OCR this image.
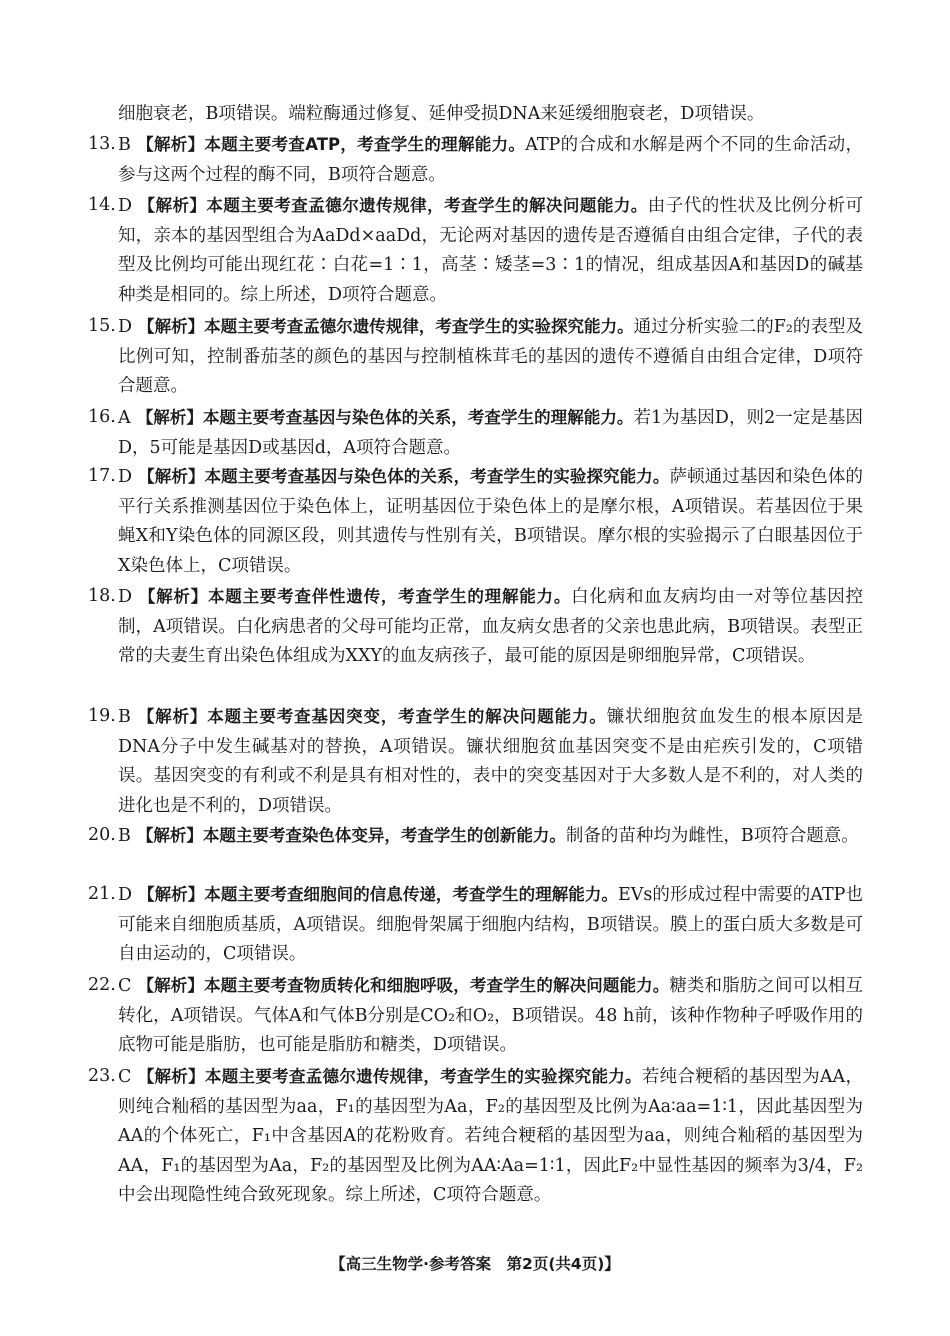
细胞衰老，B项错误。端粒酶通过修复、延伸受损DNA来延缓细胞衰老，D项错误。
13. B 【解析】本题主要考查ATP，考查学生的理解能力。ATP的合成和水解是两个不同的生命活动，参与这两个过程的酶不同，B项符合题意。
14. D 【解析】本题主要考查孟德尔遗传规律，考查学生的解决问题能力。由子代的性状及比例分析可知，亲本的基因型组合为AaDd×aaDd，无论两对基因的遗传是否遵循自由组合定律，子代的表型及比例均可能出现红花∶白花=1∶1，高茎∶矮茎=3∶1的情况，组成基因A和基因D的碱基种类是相同的。综上所述，D项符合题意。
15. D 【解析】本题主要考查孟德尔遗传规律，考查学生的实验探究能力。通过分析实验二的F₂的表型及比例可知，控制番茄茎的颜色的基因与控制植株茸毛的基因的遗传不遵循自由组合定律，D项符合题意。
16. A 【解析】本题主要考查基因与染色体的关系，考查学生的理解能力。若1为基因D，则2一定是基因D，5可能是基因D或基因d，A项符合题意。
17. D 【解析】本题主要考查基因与染色体的关系，考查学生的实验探究能力。萨顿通过基因和染色体的平行关系推测基因位于染色体上，证明基因位于染色体上的是摩尔根，A项错误。若基因位于果蝇X和Y染色体的同源区段，则其遗传与性别有关，B项错误。摩尔根的实验揭示了白眼基因位于X染色体上，C项错误。
18. D 【解析】本题主要考查伴性遗传，考查学生的理解能力。白化病和血友病均由一对等位基因控制，A项错误。白化病患者的父母可能均正常，血友病女患者的父亲也患此病，B项错误。表型正常的夫妻生育出染色体组成为XXY的血友病孩子，最可能的原因是卵细胞异常，C项错误。
19. B 【解析】本题主要考查基因突变，考查学生的解决问题能力。镰状细胞贫血发生的根本原因是DNA分子中发生碱基对的替换，A项错误。镰状细胞贫血基因突变不是由疟疾引发的，C项错误。基因突变的有利或不利是具有相对性的，表中的突变基因对于大多数人是不利的，对人类的进化也是不利的，D项错误。
20. B 【解析】本题主要考查染色体变异，考查学生的创新能力。制备的苗种均为雌性，B项符合题意。
21. D 【解析】本题主要考查细胞间的信息传递，考查学生的理解能力。EVs的形成过程中需要的ATP也可能来自细胞质基质，A项错误。细胞骨架属于细胞内结构，B项错误。膜上的蛋白质大多数是可自由运动的，C项错误。
22. C 【解析】本题主要考查物质转化和细胞呼吸，考查学生的解决问题能力。糖类和脂肪之间可以相互转化，A项错误。气体A和气体B分别是CO₂和O₂，B项错误。48 h前，该种作物种子呼吸作用的底物可能是脂肪，也可能是脂肪和糖类，D项错误。
23. C 【解析】本题主要考查孟德尔遗传规律，考查学生的实验探究能力。若纯合粳稻的基因型为AA，则纯合籼稻的基因型为aa，F₁的基因型为Aa，F₂的基因型及比例为Aa∶aa=1∶1，因此基因型为AA的个体死亡，F₁中含基因A的花粉败育。若纯合粳稻的基因型为aa，则纯合籼稻的基因型为AA，F₁的基因型为Aa，F₂的基因型及比例为AA∶Aa=1∶1，因此F₂中显性基因的频率为3/4，F₂中会出现隐性纯合致死现象。综上所述，C项符合题意。
【高三生物学·参考答案　第2页(共4页)】
